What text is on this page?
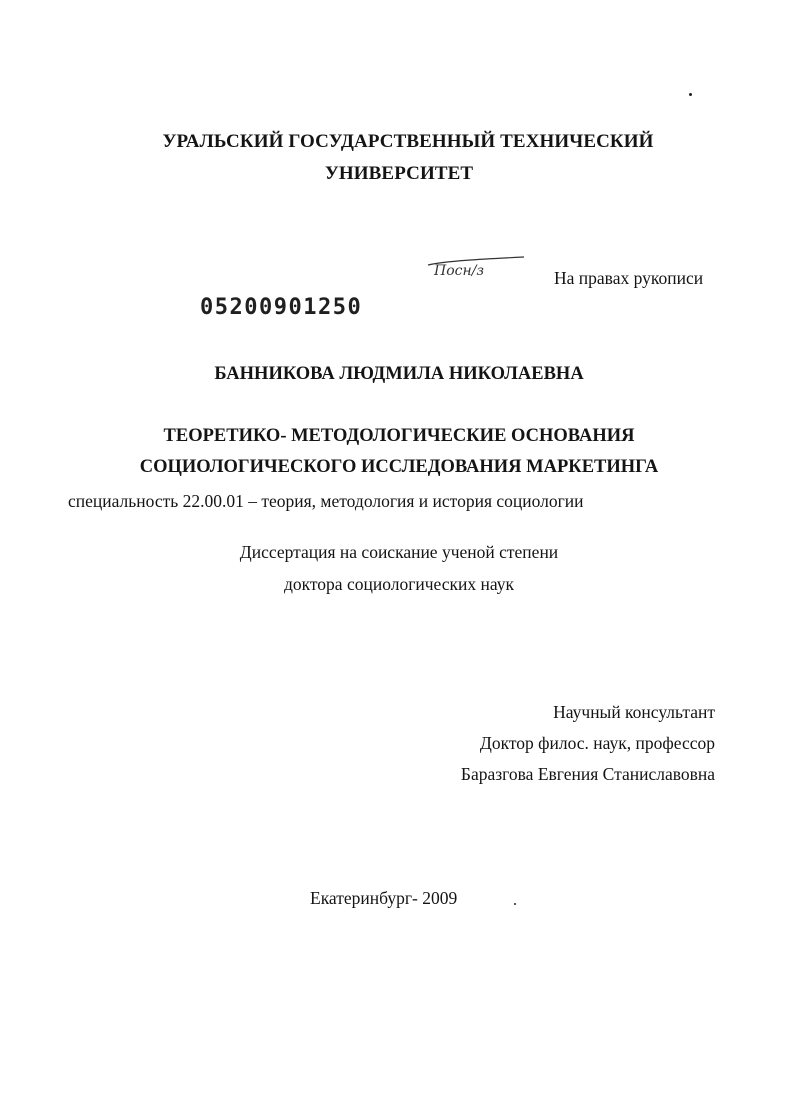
УРАЛЬСКИЙ ГОСУДАРСТВЕННЫЙ ТЕХНИЧЕСКИЙ
УНИВЕРСИТЕТ
Посн/з	На правах рукописи
05200901250
БАННИКОВА ЛЮДМИЛА НИКОЛАЕВНА
ТЕОРЕТИКО- МЕТОДОЛОГИЧЕСКИЕ ОСНОВАНИЯ
СОЦИОЛОГИЧЕСКОГО ИССЛЕДОВАНИЯ МАРКЕТИНГА
специальность 22.00.01 – теория, методология и история социологии
Диссертация на соискание ученой степени
доктора социологических наук
Научный консультант
Доктор филос. наук, профессор
Баразгова Евгения Станиславовна
Екатеринбург- 2009
